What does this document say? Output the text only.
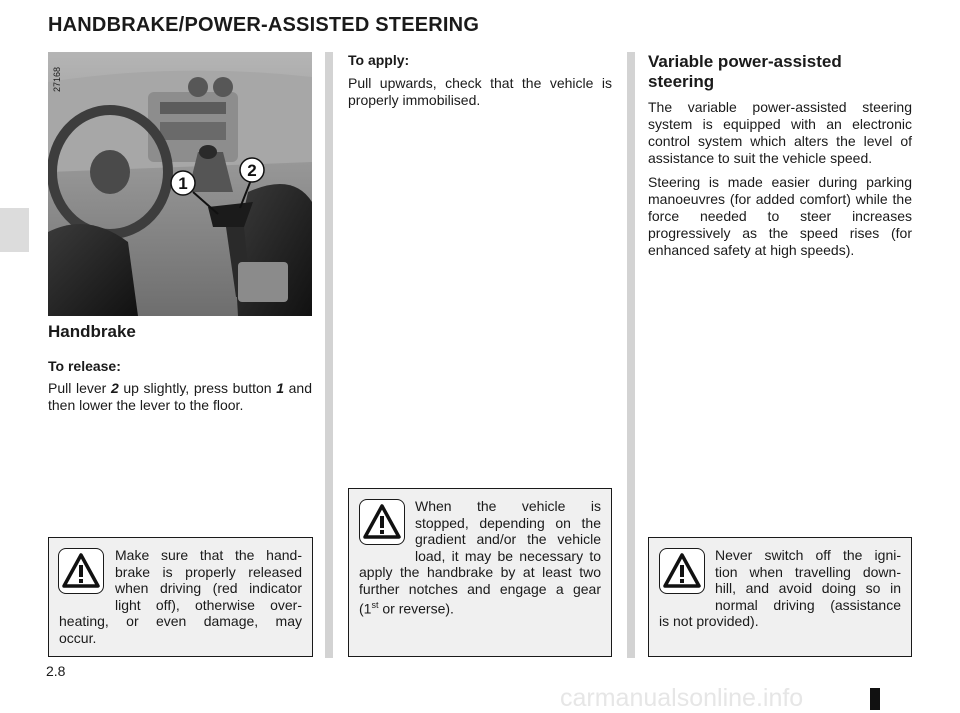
HANDBRAKE/POWER-ASSISTED STEERING
1
2
27168
Handbrake
To release:
Pull lever 2 up slightly, press button 1 and then lower the lever to the floor.
To apply:
Pull upwards, check that the vehicle is properly immobilised.
Variable power-assisted steering
The variable power-assisted steering system is equipped with an electronic control system which alters the level of assistance to suit the vehicle speed.
Steering is made easier during parking manoeuvres (for added comfort) while the force needed to steer increases progressively as the speed rises (for enhanced safety at high speeds).
Make sure that the hand-
brake is properly released
when driving (red indicator
light off), otherwise over-
heating, or even damage, may
occur.
When the vehicle is
stopped, depending on the
gradient and/or the vehicle
load, it may be necessary to
apply the handbrake by at least two
further notches and engage a gear
(1st or reverse).
Never switch off the igni-
tion when travelling down-
hill, and avoid doing so in
normal driving (assistance
is not provided).
2.8
carmanualsonline.info
